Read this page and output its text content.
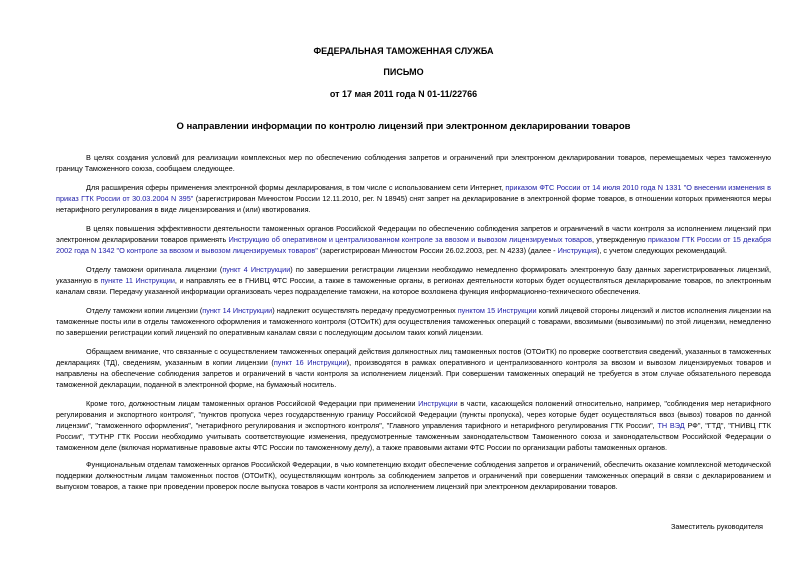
ФЕДЕРАЛЬНАЯ ТАМОЖЕННАЯ СЛУЖБА

ПИСЬМО

от 17 мая 2011 года N 01-11/22766

О направлении информации по контролю лицензий при электронном декларировании товаров

В целях создания условий для реализации комплексных мер по обеспечению соблюдения запретов и ограничений при электронном декларировании товаров, перемещаемых через таможенную границу Таможенного союза, сообщаем следующее.

Для расширения сферы применения электронной формы декларирования, в том числе с использованием сети Интернет, приказом ФТС России от 14 июля 2010 года N 1331 "О внесении изменения в приказ ГТК России от 30.03.2004 N 395" (зарегистрирован Минюстом России 12.11.2010, рег. N 18945) снят запрет на декларирование в электронной форме товаров, в отношении которых применяются меры нетарифного регулирования в виде лицензирования и (или) квотирования.

В целях повышения эффективности деятельности таможенных органов Российской Федерации по обеспечению соблюдения запретов и ограничений в части контроля за исполнением лицензий при электронном декларировании товаров применять Инструкцию об оперативном и централизованном контроле за ввозом и вывозом лицензируемых товаров, утвержденную приказом ГТК России от 15 декабря 2002 года N 1342 "О контроле за ввозом и вывозом лицензируемых товаров" (зарегистрирован Минюстом России 26.02.2003, рег. N 4233) (далее - Инструкция), с учетом следующих рекомендаций.

Отделу таможни оригинала лицензии (пункт 4 Инструкции) по завершении регистрации лицензии необходимо немедленно формировать электронную базу данных зарегистрированных лицензий, указанную в пункте 11 Инструкции, и направлять ее в ГНИВЦ ФТС России, а также в таможенные органы, в регионах деятельности которых будет осуществляться декларирование товаров, по электронным каналам связи. Передачу указанной информации организовать через подразделение таможни, на которое возложена функция информационно-технического обеспечения.

Отделу таможни копии лицензии (пункт 14 Инструкции) надлежит осуществлять передачу предусмотренных пунктом 15 Инструкции копий лицевой стороны лицензий и листов исполнения лицензии на таможенные посты или в отделы таможенного оформления и таможенного контроля (ОТОиТК) для осуществления таможенных операций с товарами, ввозимыми (вывозимыми) по этой лицензии, немедленно по завершении регистрации копий лицензий по оперативным каналам связи с последующим досылом таких копий лицензии.

Обращаем внимание, что связанные с осуществлением таможенных операций действия должностных лиц таможенных постов (ОТОиТК) по проверке соответствия сведений, указанных в таможенных декларациях (ТД), сведениям, указанным в копии лицензии (пункт 16 Инструкции), производятся в рамках оперативного и централизованного контроля за ввозом и вывозом лицензируемых товаров и направлены на обеспечение соблюдения запретов и ограничений в части контроля за исполнением лицензий. При совершении таможенных операций не требуется в этом случае обязательного перевода таможенной декларации, поданной в электронной форме, на бумажный носитель.

Кроме того, должностным лицам таможенных органов Российской Федерации при применении Инструкции в части, касающейся положений относительно, например, "соблюдения мер нетарифного регулирования и экспортного контроля", "пунктов пропуска через государственную границу Российской Федерации (пункты пропуска), через которые будет осуществляться ввоз (вывоз) товаров по данной лицензии", "таможенного оформления", "нетарифного регулирования и экспортного контроля", "Главного управления тарифного и нетарифного регулирования ГТК России", ТН ВЭД РФ", "ГТД", "ГНИВЦ ГТК России", "ГУТНР ГТК России необходимо учитывать соответствующие изменения, предусмотренные таможенным законодательством Таможенного союза и законодательством Российской Федерации о таможенном деле (включая нормативные правовые акты ФТС России по таможенному делу), а также правовыми актами ФТС России по организации работы таможенных органов.

Функциональным отделам таможенных органов Российской Федерации, в чью компетенцию входит обеспечение соблюдения запретов и ограничений, обеспечить оказание комплексной методической поддержки должностным лицам таможенных постов (ОТОиТК), осуществляющим контроль за соблюдением запретов и ограничений при совершении таможенных операций в связи с декларированием и выпуском товаров, а также при проведении проверок после выпуска товаров в части контроля за исполнением лицензий при электронном декларировании товаров.

Заместитель руководителя
